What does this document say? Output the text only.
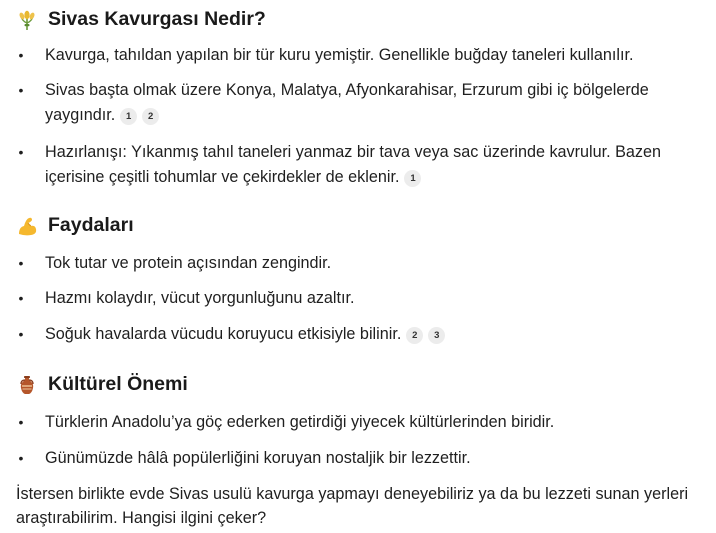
Sivas Kavurgası Nedir?
• Kavurga, tahıldan yapılan bir tür kuru yemiştir. Genellikle buğday taneleri kullanılır.
• Sivas başta olmak üzere Konya, Malatya, Afyonkarahisar, Erzurum gibi iç bölgelerde yaygındır. 1 2
• Hazırlanışı: Yıkanmış tahıl taneleri yanmaz bir tava veya sac üzerinde kavrulur. Bazen içerisine çeşitli tohumlar ve çekirdekler de eklenir. 1
Faydaları
• Tok tutar ve protein açısından zengindir.
• Hazmı kolaydır, vücut yorgunluğunu azaltır.
• Soğuk havalarda vücudu koruyucu etkisiyle bilinir. 2 3
Kültürel Önemi
• Türklerin Anadolu’ya göç ederken getirdiği yiyecek kültürlerinden biridir.
• Günümüzde hâlâ popülerliğini koruyan nostaljik bir lezzettir.
İstersen birlikte evde Sivas usulü kavurga yapmayı deneyebiliriz ya da bu lezzeti sunan yerleri araştırabilirim. Hangisi ilgini çeker?
